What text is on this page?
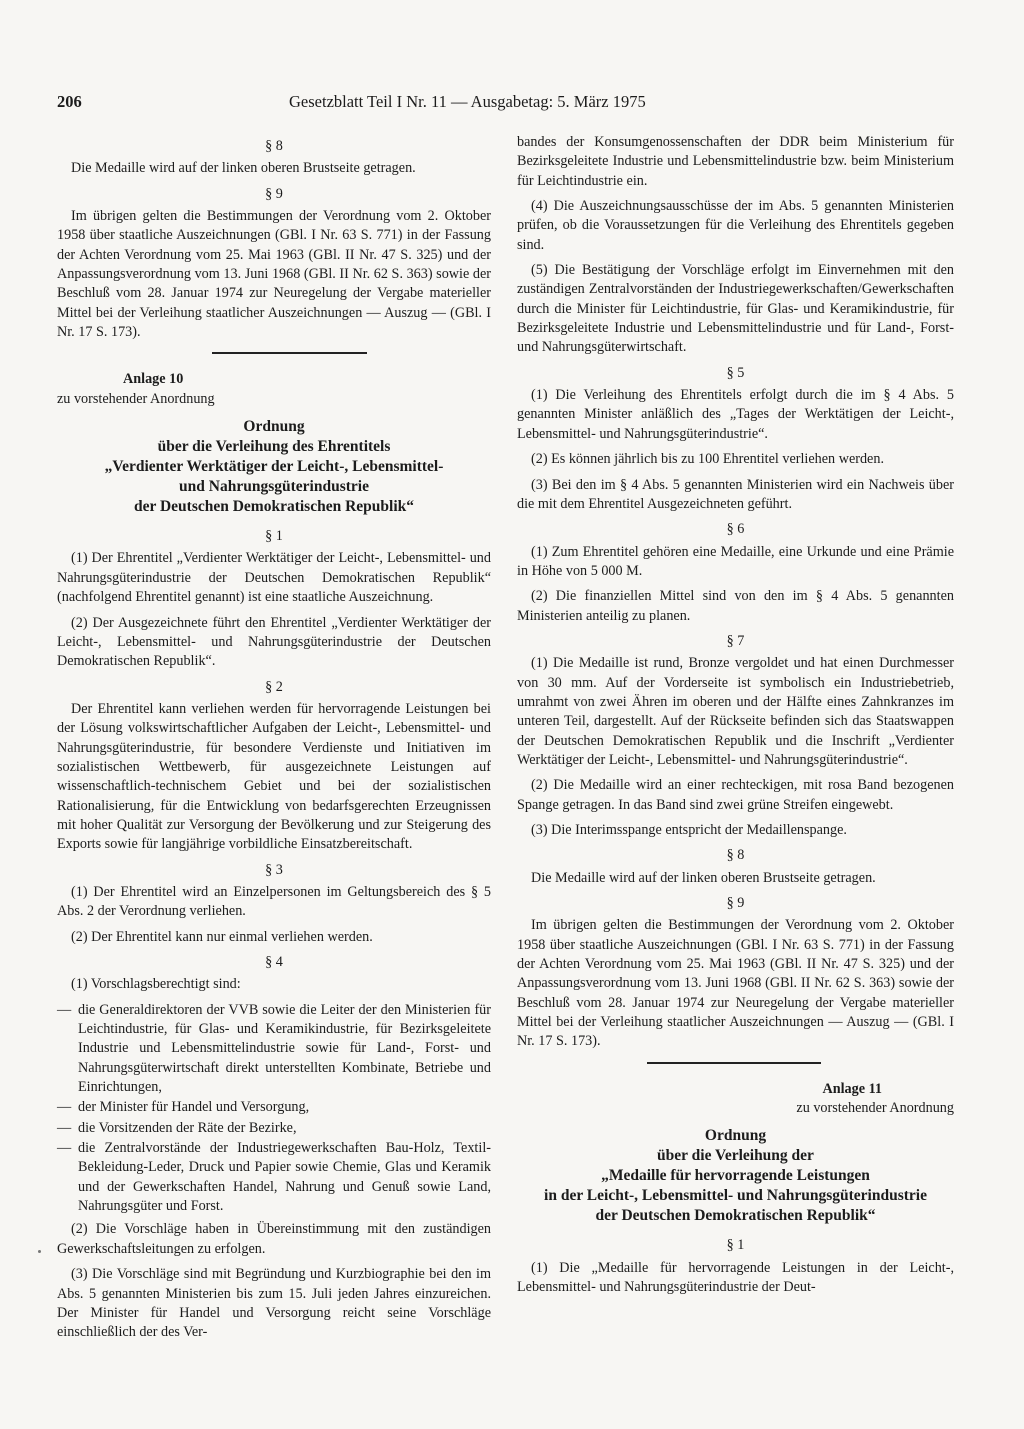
206	Gesetzblatt Teil I Nr. 11 — Ausgabetag: 5. März 1975

§ 8

Die Medaille wird auf der linken oberen Brustseite getragen.

§ 9

Im übrigen gelten die Bestimmungen der Verordnung vom 2. Oktober 1958 über staatliche Auszeichnungen (GBl. I Nr. 63 S. 771) in der Fassung der Achten Verordnung vom 25. Mai 1963 (GBl. II Nr. 47 S. 325) und der Anpassungsverordnung vom 13. Juni 1968 (GBl. II Nr. 62 S. 363) sowie der Beschluß vom 28. Januar 1974 zur Neuregelung der Vergabe materieller Mittel bei der Verleihung staatlicher Auszeichnungen — Auszug — (GBl. I Nr. 17 S. 173).

Anlage 10

zu vorstehender Anordnung

Ordnung
über die Verleihung des Ehrentitels
„Verdienter Werktätiger der Leicht-, Lebensmittel-
und Nahrungsgüterindustrie
der Deutschen Demokratischen Republik“

§ 1

(1) Der Ehrentitel „Verdienter Werktätiger der Leicht-, Lebensmittel- und Nahrungsgüterindustrie der Deutschen Demokratischen Republik“ (nachfolgend Ehrentitel genannt) ist eine staatliche Auszeichnung.

(2) Der Ausgezeichnete führt den Ehrentitel „Verdienter Werktätiger der Leicht-, Lebensmittel- und Nahrungsgüterindustrie der Deutschen Demokratischen Republik“.

§ 2

Der Ehrentitel kann verliehen werden für hervorragende Leistungen bei der Lösung volkswirtschaftlicher Aufgaben der Leicht-, Lebensmittel- und Nahrungsgüterindustrie, für besondere Verdienste und Initiativen im sozialistischen Wettbewerb, für ausgezeichnete Leistungen auf wissenschaftlich-technischem Gebiet und bei der sozialistischen Rationalisierung, für die Entwicklung von bedarfsgerechten Erzeugnissen mit hoher Qualität zur Versorgung der Bevölkerung und zur Steigerung des Exports sowie für langjährige vorbildliche Einsatzbereitschaft.

§ 3

(1) Der Ehrentitel wird an Einzelpersonen im Geltungsbereich des § 5 Abs. 2 der Verordnung verliehen.

(2) Der Ehrentitel kann nur einmal verliehen werden.

§ 4

(1) Vorschlagsberechtigt sind:

— die Generaldirektoren der VVB sowie die Leiter der den Ministerien für Leichtindustrie, für Glas- und Keramikindustrie, für Bezirksgeleitete Industrie und Lebensmittelindustrie sowie für Land-, Forst- und Nahrungsgüterwirtschaft direkt unterstellten Kombinate, Betriebe und Einrichtungen,
— der Minister für Handel und Versorgung,
— die Vorsitzenden der Räte der Bezirke,
— die Zentralvorstände der Industriegewerkschaften Bau-Holz, Textil-Bekleidung-Leder, Druck und Papier sowie Chemie, Glas und Keramik und der Gewerkschaften Handel, Nahrung und Genuß sowie Land, Nahrungsgüter und Forst.

(2) Die Vorschläge haben in Übereinstimmung mit den zuständigen Gewerkschaftsleitungen zu erfolgen.

(3) Die Vorschläge sind mit Begründung und Kurzbiographie bei den im Abs. 5 genannten Ministerien bis zum 15. Juli jeden Jahres einzureichen. Der Minister für Handel und Versorgung reicht seine Vorschläge einschließlich der des Ver-

bandes der Konsumgenossenschaften der DDR beim Ministerium für Bezirksgeleitete Industrie und Lebensmittelindustrie bzw. beim Ministerium für Leichtindustrie ein.

(4) Die Auszeichnungsausschüsse der im Abs. 5 genannten Ministerien prüfen, ob die Voraussetzungen für die Verleihung des Ehrentitels gegeben sind.

(5) Die Bestätigung der Vorschläge erfolgt im Einvernehmen mit den zuständigen Zentralvorständen der Industriegewerkschaften/Gewerkschaften durch die Minister für Leichtindustrie, für Glas- und Keramikindustrie, für Bezirksgeleitete Industrie und Lebensmittelindustrie und für Land-, Forst- und Nahrungsgüterwirtschaft.

§ 5

(1) Die Verleihung des Ehrentitels erfolgt durch die im § 4 Abs. 5 genannten Minister anläßlich des „Tages der Werktätigen der Leicht-, Lebensmittel- und Nahrungsgüterindustrie“.

(2) Es können jährlich bis zu 100 Ehrentitel verliehen werden.

(3) Bei den im § 4 Abs. 5 genannten Ministerien wird ein Nachweis über die mit dem Ehrentitel Ausgezeichneten geführt.

§ 6

(1) Zum Ehrentitel gehören eine Medaille, eine Urkunde und eine Prämie in Höhe von 5 000 M.

(2) Die finanziellen Mittel sind von den im § 4 Abs. 5 genannten Ministerien anteilig zu planen.

§ 7

(1) Die Medaille ist rund, Bronze vergoldet und hat einen Durchmesser von 30 mm. Auf der Vorderseite ist symbolisch ein Industriebetrieb, umrahmt von zwei Ähren im oberen und der Hälfte eines Zahnkranzes im unteren Teil, dargestellt. Auf der Rückseite befinden sich das Staatswappen der Deutschen Demokratischen Republik und die Inschrift „Verdienter Werktätiger der Leicht-, Lebensmittel- und Nahrungsgüterindustrie“.

(2) Die Medaille wird an einer rechteckigen, mit rosa Band bezogenen Spange getragen. In das Band sind zwei grüne Streifen eingewebt.

(3) Die Interimsspange entspricht der Medaillenspange.

§ 8

Die Medaille wird auf der linken oberen Brustseite getragen.

§ 9

Im übrigen gelten die Bestimmungen der Verordnung vom 2. Oktober 1958 über staatliche Auszeichnungen (GBl. I Nr. 63 S. 771) in der Fassung der Achten Verordnung vom 25. Mai 1963 (GBl. II Nr. 47 S. 325) und der Anpassungsverordnung vom 13. Juni 1968 (GBl. II Nr. 62 S. 363) sowie der Beschluß vom 28. Januar 1974 zur Neuregelung der Vergabe materieller Mittel bei der Verleihung staatlicher Auszeichnungen — Auszug — (GBl. I Nr. 17 S. 173).

Anlage 11

zu vorstehender Anordnung

Ordnung
über die Verleihung der
„Medaille für hervorragende Leistungen
in der Leicht-, Lebensmittel- und Nahrungsgüterindustrie
der Deutschen Demokratischen Republik“

§ 1

(1) Die „Medaille für hervorragende Leistungen in der Leicht-, Lebensmittel- und Nahrungsgüterindustrie der Deut-
